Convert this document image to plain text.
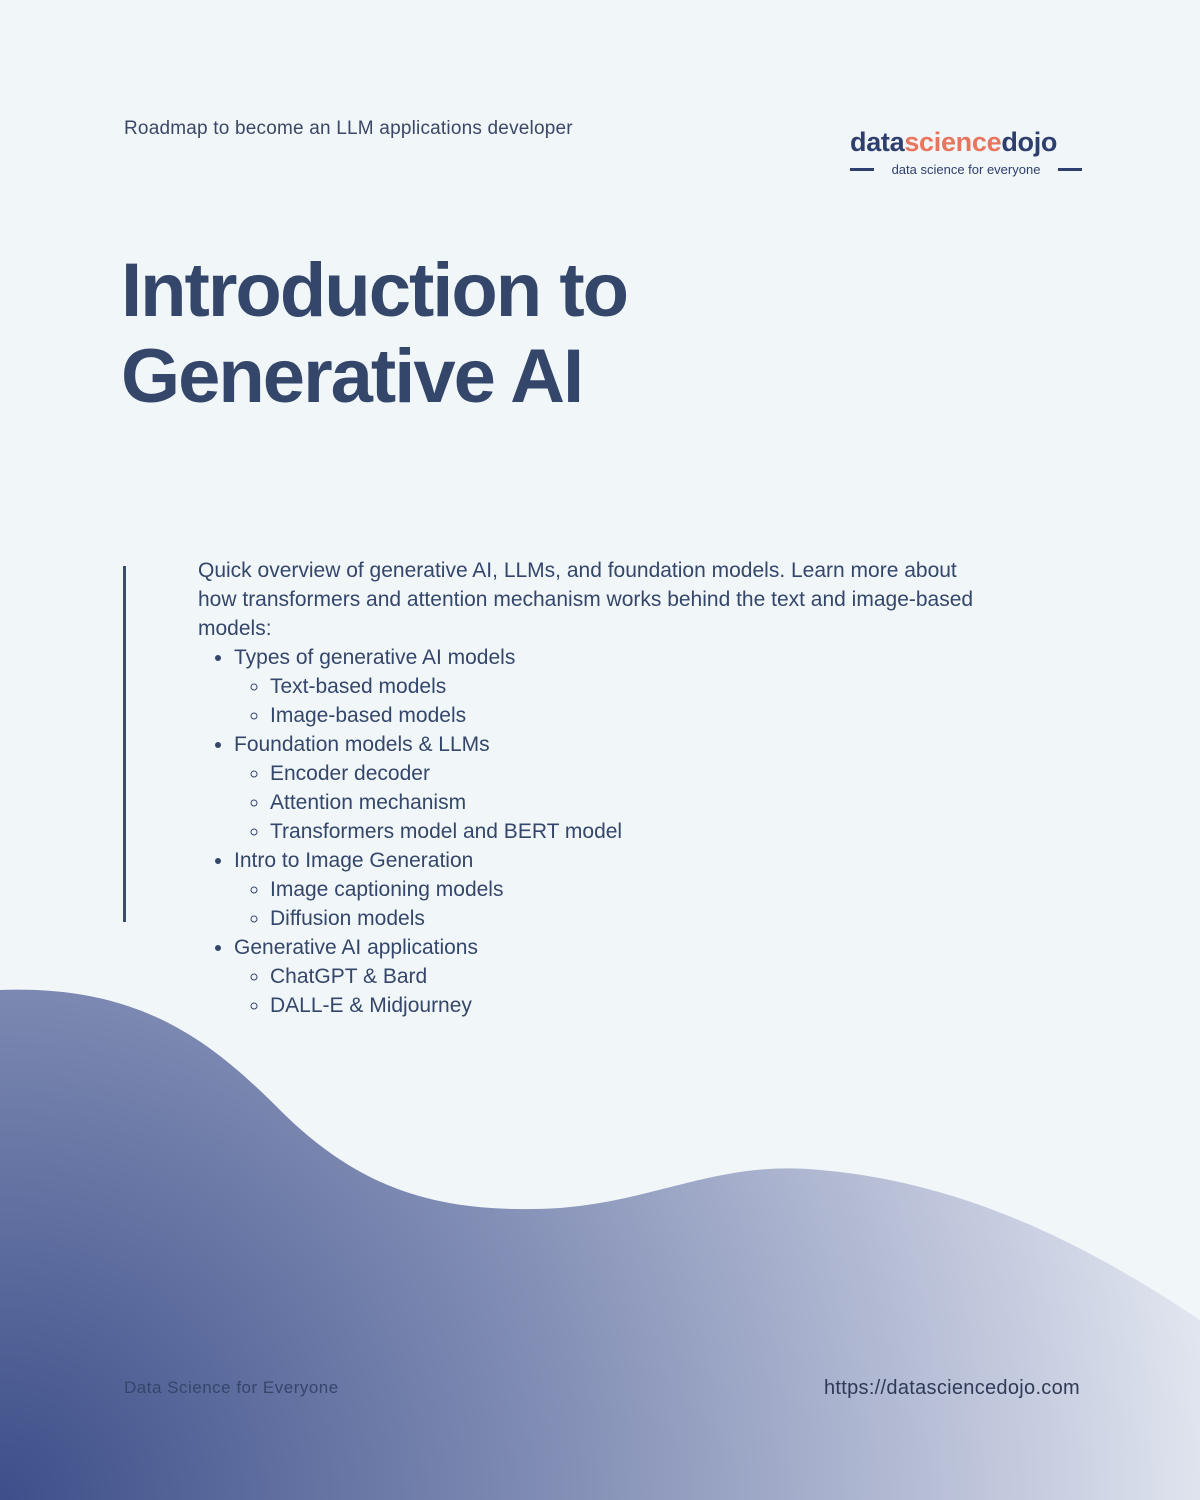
Roadmap to become an LLM applications developer	datasciencedojo
data science for everyone
Introduction to
Generative AI

Quick overview of generative AI, LLMs, and foundation models. Learn more about how transformers and attention mechanism works behind the text and image-based models:

• Types of generative AI models
◦ Text-based models
◦ Image-based models
• Foundation models & LLMs
◦ Encoder decoder
◦ Attention mechanism
◦ Transformers model and BERT model
• Intro to Image Generation
◦ Image captioning models
◦ Diffusion models
• Generative AI applications
◦ ChatGPT & Bard
◦ DALL-E & Midjourney
Data Science for Everyone	https://datasciencedojo.com
